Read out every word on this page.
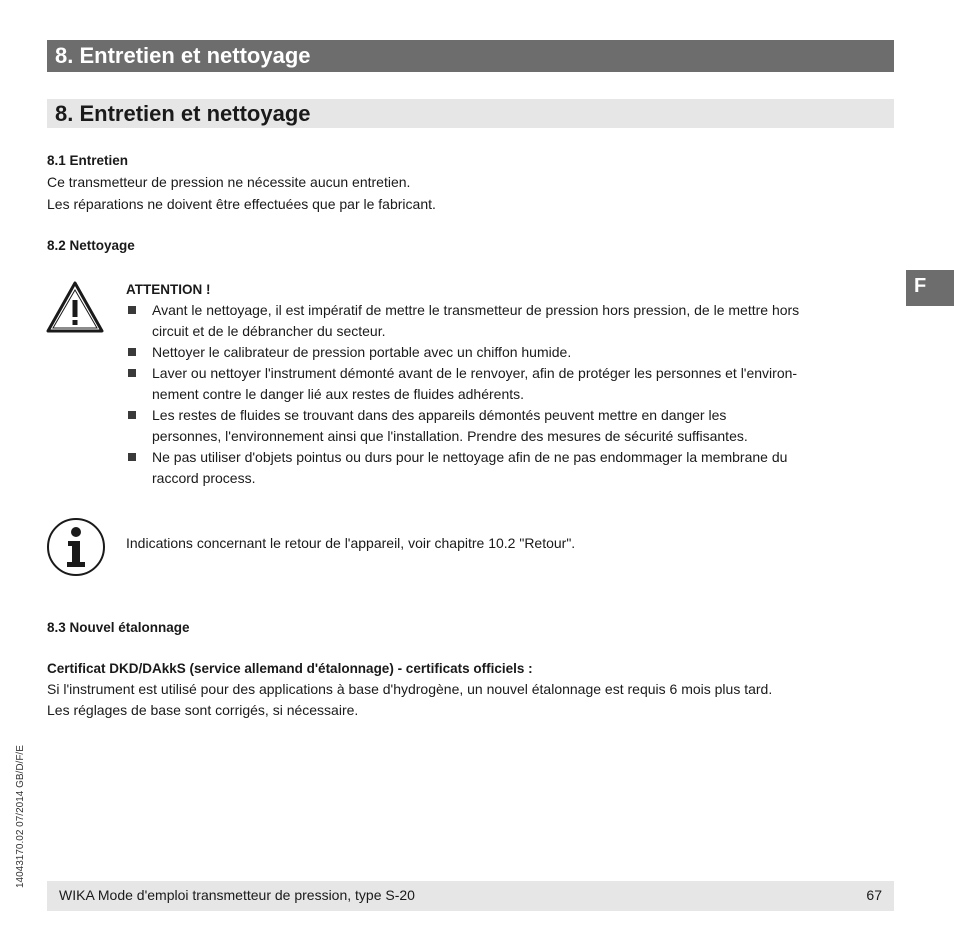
8. Entretien et nettoyage
8. Entretien et nettoyage
8.1 Entretien
Ce transmetteur de pression ne nécessite aucun entretien.
Les réparations ne doivent être effectuées que par le fabricant.
8.2 Nettoyage
ATTENTION !
Avant le nettoyage, il est impératif de mettre le transmetteur de pression hors pression, de le mettre hors
circuit et de le débrancher du secteur.
Nettoyer le calibrateur de pression portable avec un chiffon humide.
Laver ou nettoyer l'instrument démonté avant de le renvoyer, afin de protéger les personnes et l'environ-
nement contre le danger lié aux restes de fluides adhérents.
Les restes de fluides se trouvant dans des appareils démontés peuvent mettre en danger les
personnes, l'environnement ainsi que l'installation. Prendre des mesures de sécurité suffisantes.
Ne pas utiliser d'objets pointus ou durs pour le nettoyage afin de ne pas endommager la membrane du
raccord process.
Indications concernant le retour de l'appareil, voir chapitre 10.2 "Retour".
8.3 Nouvel étalonnage
Certificat DKD/DAkkS (service allemand d'étalonnage) - certificats officiels :
Si l'instrument est utilisé pour des applications à base d'hydrogène, un nouvel étalonnage est requis 6 mois plus tard.
Les réglages de base sont corrigés, si nécessaire.
F
14043170.02 07/2014 GB/D/F/E
WIKA Mode d'emploi transmetteur de pression, type S-20	67
